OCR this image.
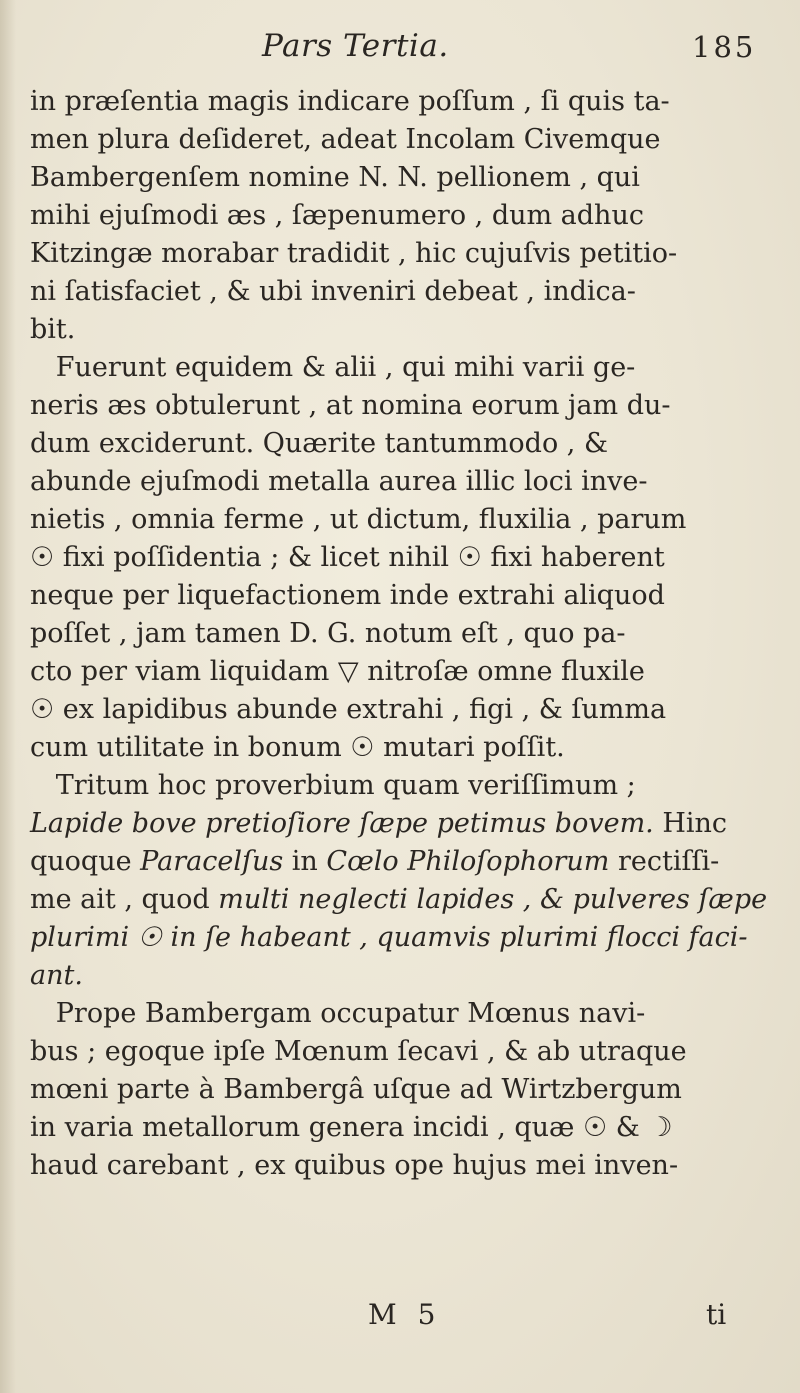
Pars Tertia.	185
in præſentia magis indicare poſſum , ſi quis ta-
men plura deſideret, adeat Incolam Civemque
Bambergenſem nomine N. N. pellionem , qui
mihi ejuſmodi æs , ſæpenumero , dum adhuc
Kitzingæ morabar tradidit , hic cujuſvis petitio-
ni ſatisfaciet , & ubi inveniri debeat , indica-
bit.
Fuerunt equidem & alii , qui mihi varii ge-
neris æs obtulerunt , at nomina eorum jam du-
dum exciderunt. Quærite tantummodo , &
abunde ejuſmodi metalla aurea illic loci inve-
nietis , omnia ferme , ut dictum, fluxilia , parum
☉ fixi poſſidentia ; & licet nihil ☉ fixi haberent
neque per liquefactionem inde extrahi aliquod
poſſet , jam tamen D. G. notum eſt , quo pa-
cto per viam liquidam ▽ nitroſæ omne fluxile
☉ ex lapidibus abunde extrahi , figi , & ſumma
cum utilitate in bonum ☉ mutari poſſit.
Tritum hoc proverbium quam veriſſimum ;
Lapide bove pretioſiore ſæpe petimus bovem. Hinc
quoque Paracelſus in Cœlo Philoſophorum rectiſſi-
me ait , quod multi neglecti lapides , & pulveres ſæpe
plurimi ☉ in ſe habeant , quamvis plurimi flocci faci-
ant.
Prope Bambergam occupatur Mœnus navi-
bus ; egoque ipſe Mœnum ſecavi , & ab utraque
mœni parte à Bambergâ uſque ad Wirtzbergum
in varia metallorum genera incidi , quæ ☉ & ☽
haud carebant , ex quibus ope hujus mei inven-
M 5	ti
